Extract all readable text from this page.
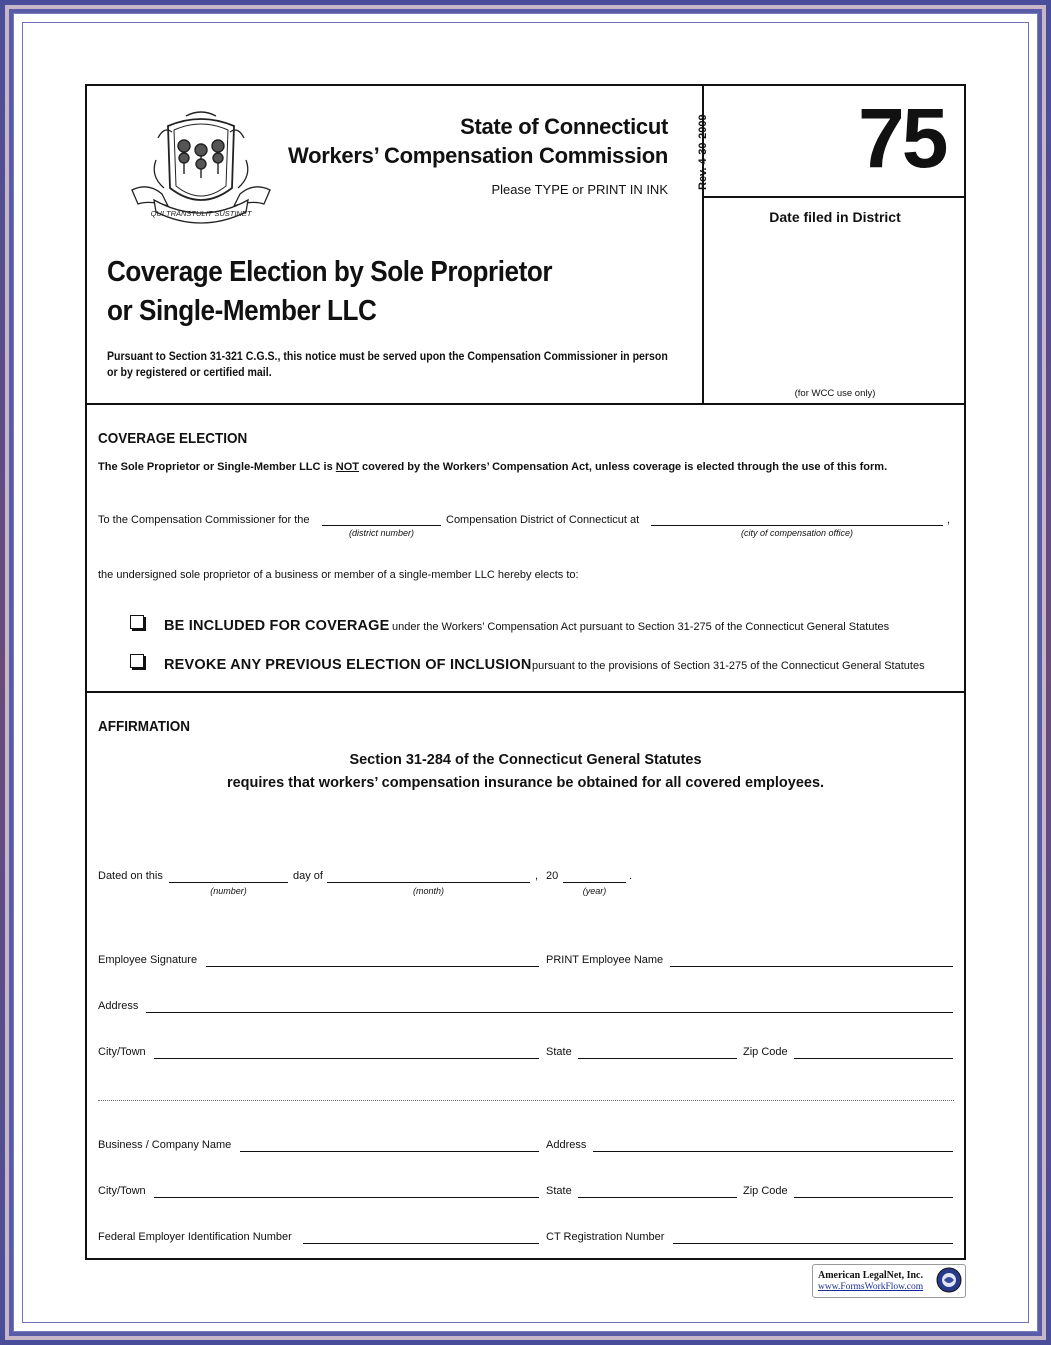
QUI TRANSTULIT SUSTINET
State of Connecticut
Workers’ Compensation Commission
Please TYPE or PRINT IN INK	Rev. 4-30-2009 75
Date filed in District
(for WCC use only)
Coverage Election by Sole Proprietor
or Single-Member LLC
Pursuant to Section 31-321 C.G.S., this notice must be served upon the Compensation Commissioner in person
or by registered or certified mail.
COVERAGE ELECTION
The Sole Proprietor or Single-Member LLC is NOT covered by the Workers’ Compensation Act, unless coverage is elected through the use of this form.
To the Compensation Commissioner for the
(district number)
Compensation District of Connecticut at
(city of compensation office)
,
the undersigned sole proprietor of a business or member of a single-member LLC hereby elects to:
BE INCLUDED FOR COVERAGE under the Workers’ Compensation Act pursuant to Section 31-275 of the Connecticut General Statutes
REVOKE ANY PREVIOUS ELECTION OF INCLUSION pursuant to the provisions of Section 31-275 of the Connecticut General Statutes
AFFIRMATION
Section 31-284 of the Connecticut General Statutes
requires that workers’ compensation insurance be obtained for all covered employees.
Dated on this
(number)
day of
(month)
, 20
(year)
.
Employee Signature	PRINT Employee Name
Address
City/Town	State	Zip Code
Business / Company Name	Address
City/Town	State	Zip Code
Federal Employer Identification Number	CT Registration Number
American LegalNet, Inc.
www.FormsWorkFlow.com
